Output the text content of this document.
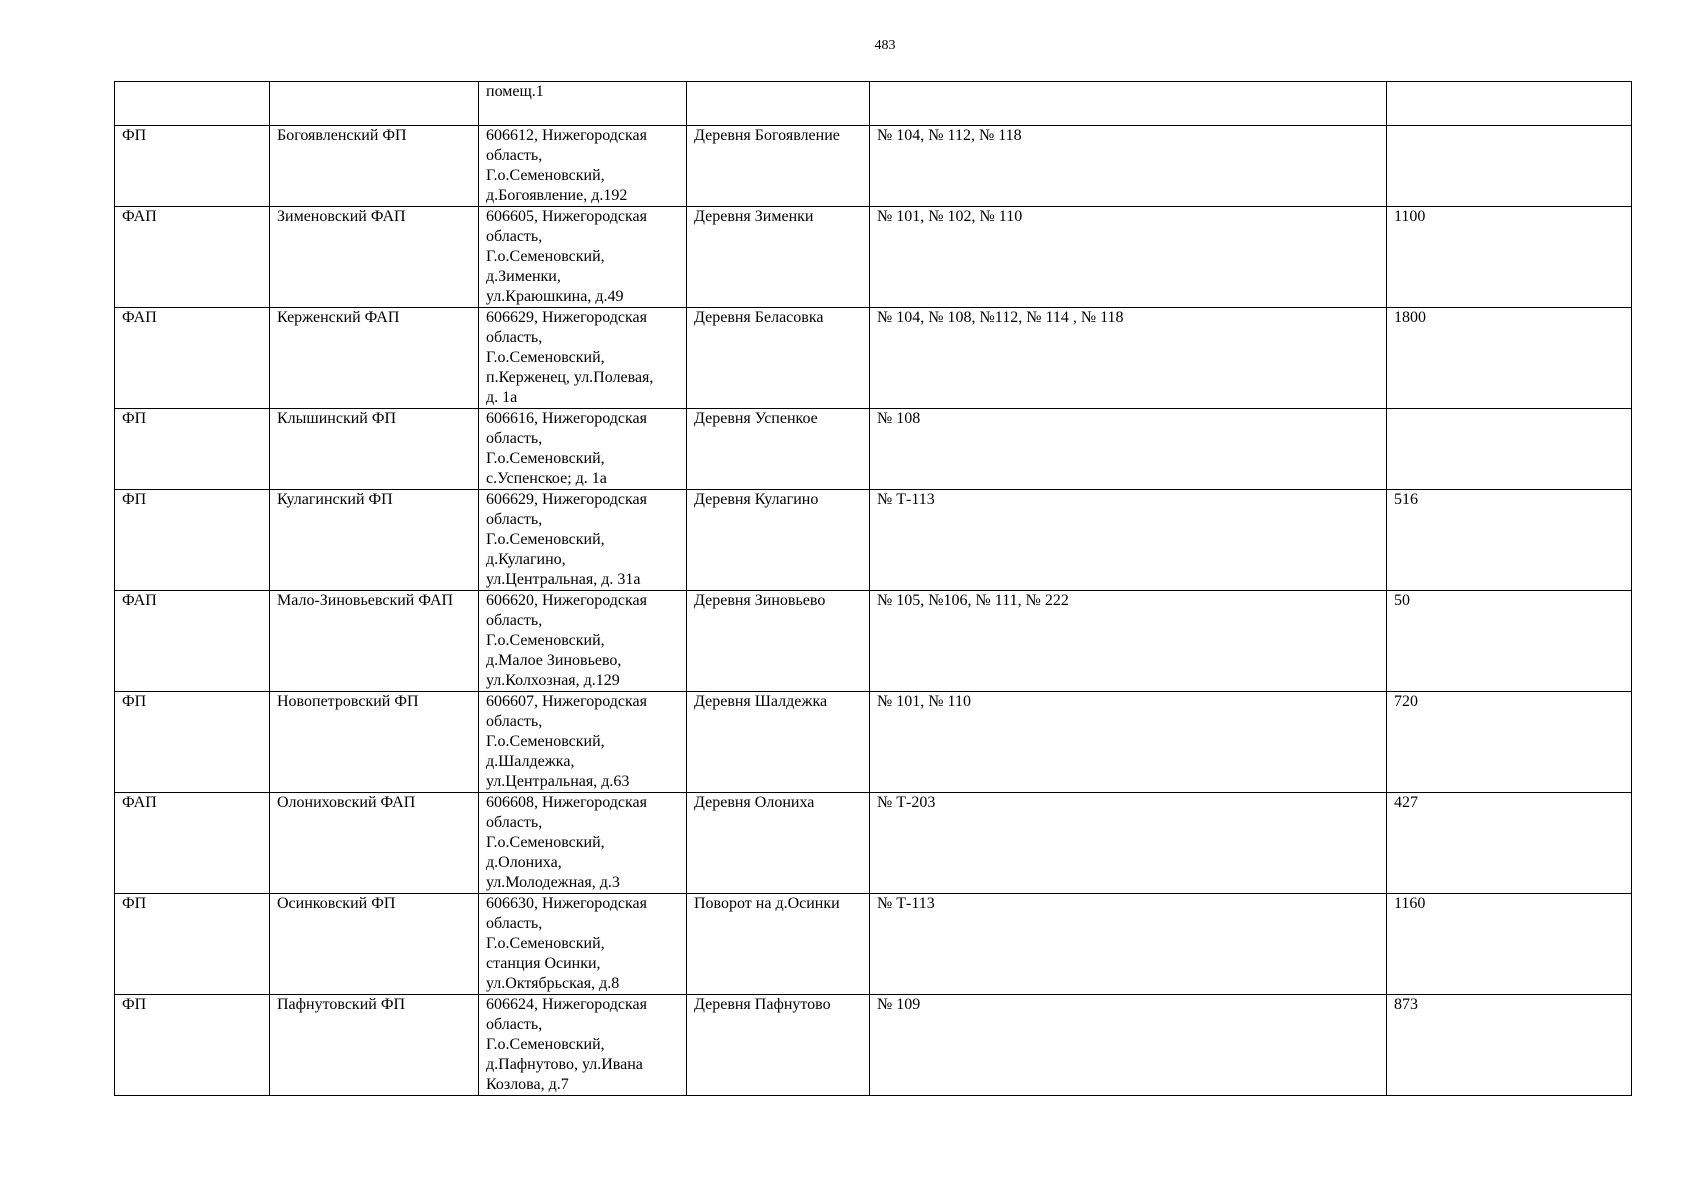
483

		помещ.1			

ФП	Богоявленский ФП	606612, Нижегородская
область,
Г.о.Семеновский,
д.Богоявление, д.192	Деревня Богоявление	№ 104, № 112, № 118	
ФАП	Зименовский ФАП	606605, Нижегородская
область,
Г.о.Семеновский,
д.Зименки,
ул.Краюшкина, д.49	Деревня Зименки	№ 101, № 102, № 110	1100
ФАП	Керженский ФАП	606629, Нижегородская
область,
Г.о.Семеновский,
п.Керженец, ул.Полевая,
д. 1а	Деревня Беласовка	№ 104, № 108, №112, № 114 , № 118	1800
ФП	Клышинский ФП	606616, Нижегородская
область,
Г.о.Семеновский,
с.Успенское; д. 1а	Деревня Успенкое	№ 108	
ФП	Кулагинский ФП	606629, Нижегородская
область,
Г.о.Семеновский,
д.Кулагино,
ул.Центральная, д. 31а	Деревня Кулагино	№ Т-113	516
ФАП	Мало-Зиновьевский ФАП	606620, Нижегородская
область,
Г.о.Семеновский,
д.Малое Зиновьево,
ул.Колхозная, д.129	Деревня Зиновьево	№ 105, №106, № 111, № 222	50
ФП	Новопетровский ФП	606607, Нижегородская
область,
Г.о.Семеновский,
д.Шалдежка,
ул.Центральная, д.63	Деревня Шалдежка	№ 101, № 110	720
ФАП	Олониховский ФАП	606608, Нижегородская
область,
Г.о.Семеновский,
д.Олониха,
ул.Молодежная, д.3	Деревня Олониха	№ Т-203	427
ФП	Осинковский ФП	606630, Нижегородская
область,
Г.о.Семеновский,
станция Осинки,
ул.Октябрьская, д.8	Поворот на д.Осинки	№ Т-113	1160
ФП	Пафнутовский ФП	606624, Нижегородская
область,
Г.о.Семеновский,
д.Пафнутово, ул.Ивана
Козлова, д.7	Деревня Пафнутово	№ 109	873
